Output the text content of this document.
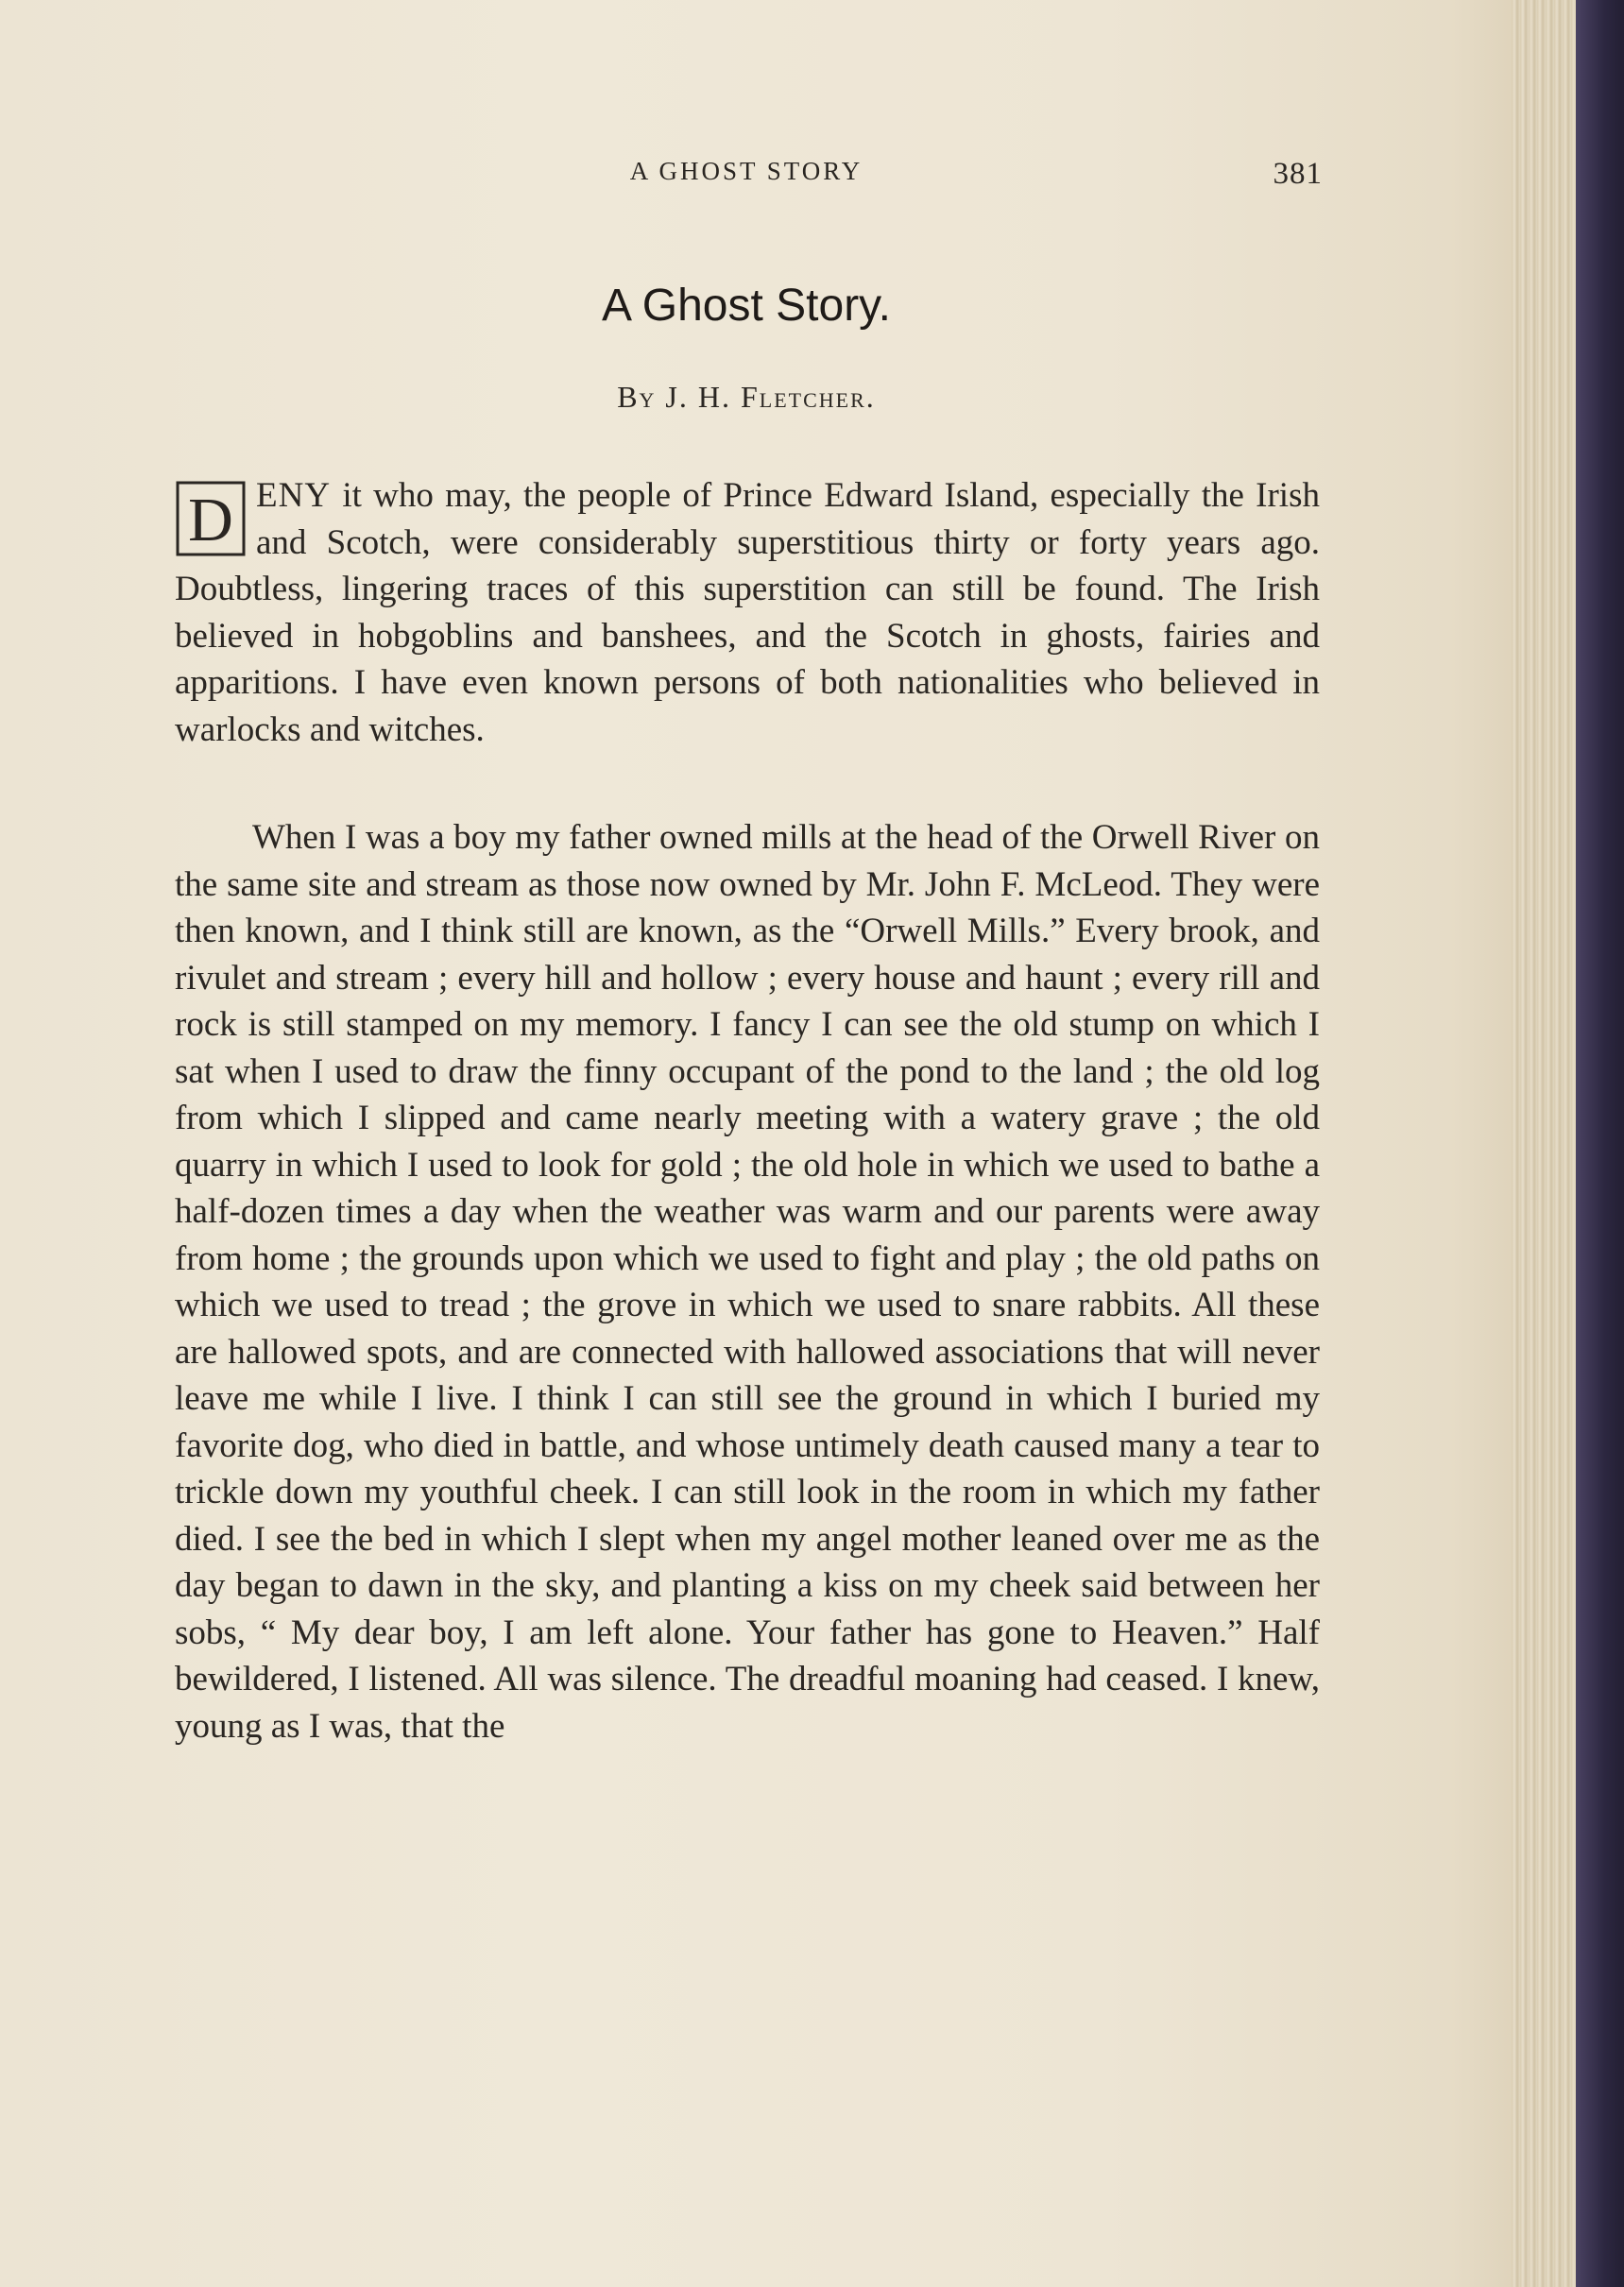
A GHOST STORY	381
A Ghost Story.
By J. H. Fletcher.
D ENY it who may, the people of Prince Edward Island, especially the Irish and Scotch, were considerably superstitious thirty or forty years ago. Doubtless, lingering traces of this superstition can still be found. The Irish believed in hobgoblins and banshees, and the Scotch in ghosts, fairies and apparitions. I have even known persons of both nationalities who believed in warlocks and witches.
When I was a boy my father owned mills at the head of the Orwell River on the same site and stream as those now owned by Mr. John F. McLeod. They were then known, and I think still are known, as the “Orwell Mills.” Every brook, and rivulet and stream ; every hill and hollow ; every house and haunt ; every rill and rock is still stamped on my memory. I fancy I can see the old stump on which I sat when I used to draw the finny occupant of the pond to the land ; the old log from which I slipped and came nearly meeting with a watery grave ; the old quarry in which I used to look for gold ; the old hole in which we used to bathe a half-dozen times a day when the weather was warm and our parents were away from home ; the grounds upon which we used to fight and play ; the old paths on which we used to tread ; the grove in which we used to snare rabbits. All these are hallowed spots, and are connected with hallowed associations that will never leave me while I live. I think I can still see the ground in which I buried my favorite dog, who died in battle, and whose untimely death caused many a tear to trickle down my youthful cheek. I can still look in the room in which my father died. I see the bed in which I slept when my angel mother leaned over me as the day began to dawn in the sky, and planting a kiss on my cheek said between her sobs, “ My dear boy, I am left alone. Your father has gone to Heaven.” Half bewildered, I listened. All was silence. The dreadful moaning had ceased. I knew, young as I was, that the
